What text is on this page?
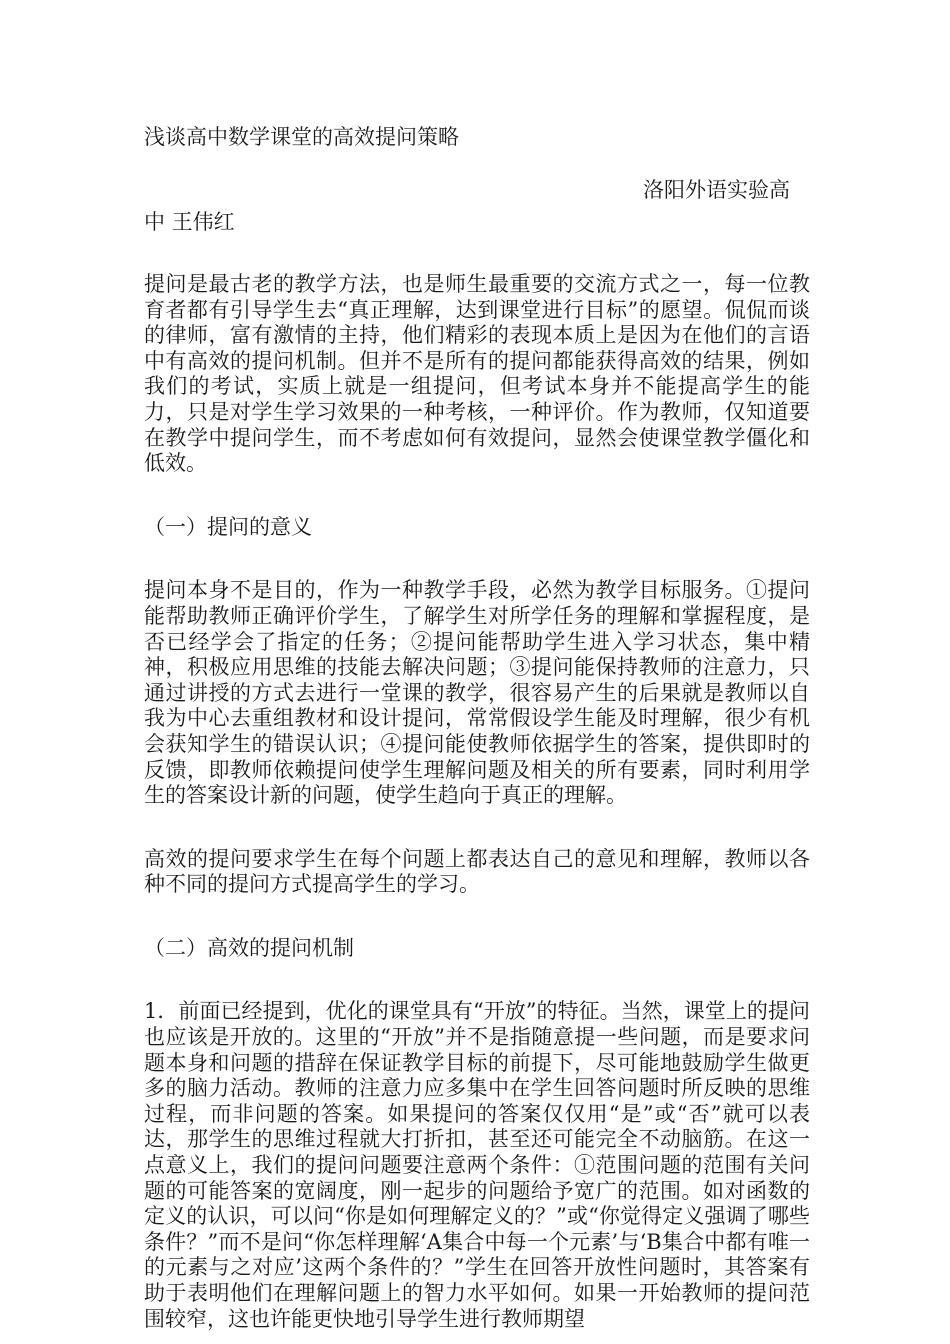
浅谈高中数学课堂的高效提问策略
洛阳外语实验高
中 王伟红

提问是最古老的教学方法，也是师生最重要的交流方式之一，每一位教育者都有引导学生去“真正理解，达到课堂进行目标”的愿望。侃侃而谈的律师，富有激情的主持，他们精彩的表现本质上是因为在他们的言语中有高效的提问机制。但并不是所有的提问都能获得高效的结果，例如我们的考试，实质上就是一组提问，但考试本身并不能提高学生的能力，只是对学生学习效果的一种考核，一种评价。作为教师，仅知道要在教学中提问学生，而不考虑如何有效提问，显然会使课堂教学僵化和低效。

（一）提问的意义

提问本身不是目的，作为一种教学手段，必然为教学目标服务。①提问能帮助教师正确评价学生，了解学生对所学任务的理解和掌握程度，是否已经学会了指定的任务；②提问能帮助学生进入学习状态，集中精神，积极应用思维的技能去解决问题；③提问能保持教师的注意力，只通过讲授的方式去进行一堂课的教学，很容易产生的后果就是教师以自我为中心去重组教材和设计提问，常常假设学生能及时理解，很少有机会获知学生的错误认识；④提问能使教师依据学生的答案，提供即时的反馈，即教师依赖提问使学生理解问题及相关的所有要素，同时利用学生的答案设计新的问题，使学生趋向于真正的理解。

高效的提问要求学生在每个问题上都表达自己的意见和理解，教师以各种不同的提问方式提高学生的学习。

（二）高效的提问机制

1．前面已经提到，优化的课堂具有“开放”的特征。当然，课堂上的提问也应该是开放的。这里的“开放”并不是指随意提一些问题，而是要求问题本身和问题的措辞在保证教学目标的前提下，尽可能地鼓励学生做更多的脑力活动。教师的注意力应多集中在学生回答问题时所反映的思维过程，而非问题的答案。如果提问的答案仅仅用“是”或“否”就可以表达，那学生的思维过程就大打折扣，甚至还可能完全不动脑筋。在这一点意义上，我们的提问问题要注意两个条件：①范围问题的范围有关问题的可能答案的宽阔度，刚一起步的问题给予宽广的范围。如对函数的定义的认识，可以问“你是如何理解定义的？”或“你觉得定义强调了哪些条件？”而不是问“你怎样理解‘A集合中每一个元素’与‘B集合中都有唯一的元素与之对应’这两个条件的？”学生在回答开放性问题时，其答案有助于表明他们在理解问题上的智力水平如何。如果一开始教师的提问范围较窄，这也许能更快地引导学生进行教师期望
